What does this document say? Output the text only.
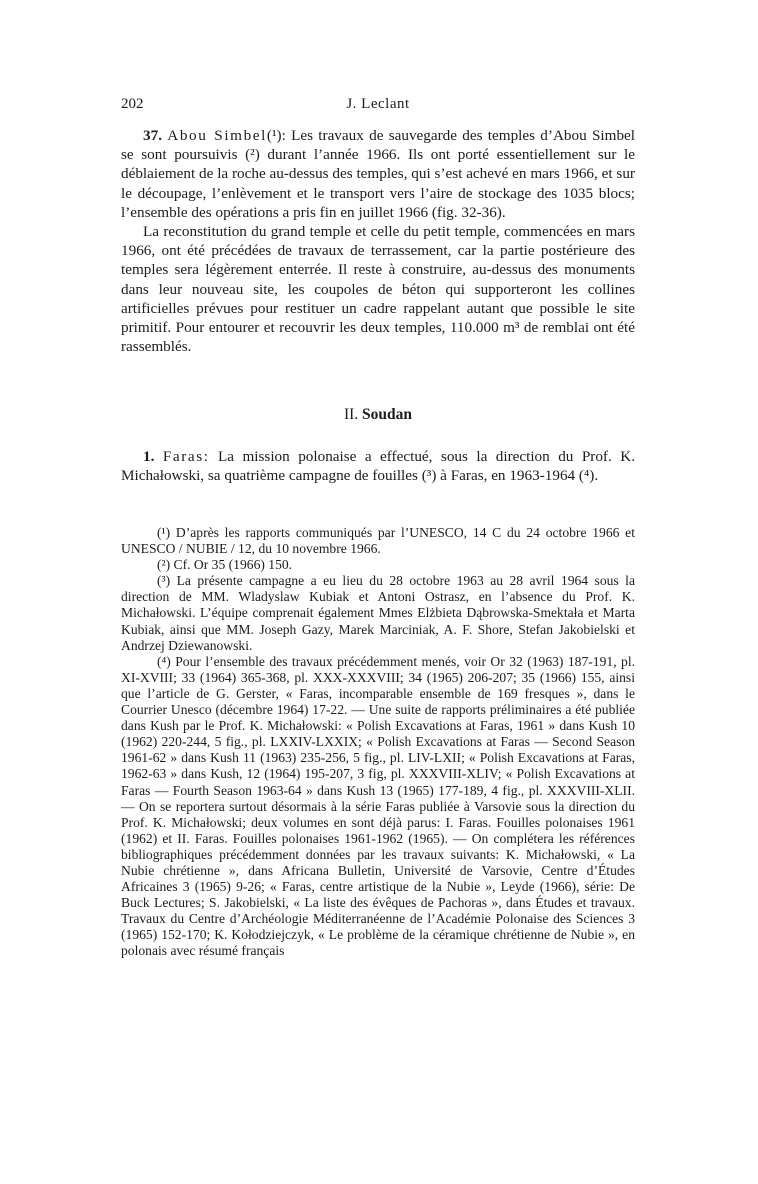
202	J. Leclant

37. Abou Simbel(¹): Les travaux de sauvegarde des temples d’Abou Simbel se sont poursuivis (²) durant l’année 1966. Ils ont porté essentiellement sur le déblaiement de la roche au-dessus des temples, qui s’est achevé en mars 1966, et sur le découpage, l’enlèvement et le transport vers l’aire de stockage des 1035 blocs; l’ensemble des opérations a pris fin en juillet 1966 (fig. 32-36).

La reconstitution du grand temple et celle du petit temple, commencées en mars 1966, ont été précédées de travaux de terrassement, car la partie postérieure des temples sera légèrement enterrée. Il reste à construire, au-dessus des monuments dans leur nouveau site, les coupoles de béton qui supporteront les collines artificielles prévues pour restituer un cadre rappelant autant que possible le site primitif. Pour entourer et recouvrir les deux temples, 110.000 m³ de remblai ont été rassemblés.

II. Soudan

1. Faras: La mission polonaise a effectué, sous la direction du Prof. K. Michałowski, sa quatrième campagne de fouilles (³) à Faras, en 1963-1964 (⁴).

(¹) D’après les rapports communiqués par l’UNESCO, 14 C du 24 octobre 1966 et UNESCO / NUBIE / 12, du 10 novembre 1966.

(²) Cf. Or 35 (1966) 150.

(³) La présente campagne a eu lieu du 28 octobre 1963 au 28 avril 1964 sous la direction de MM. Wladyslaw Kubiak et Antoni Ostrasz, en l’absence du Prof. K. Michałowski. L’équipe comprenait également Mmes Elżbieta Dąbrowska-Smektała et Marta Kubiak, ainsi que MM. Joseph Gazy, Marek Marciniak, A. F. Shore, Stefan Jakobielski et Andrzej Dziewanowski.

(⁴) Pour l’ensemble des travaux précédemment menés, voir Or 32 (1963) 187-191, pl. XI-XVIII; 33 (1964) 365-368, pl. XXX-XXXVIII; 34 (1965) 206-207; 35 (1966) 155, ainsi que l’article de G. Gerster, « Faras, incomparable ensemble de 169 fresques », dans le Courrier Unesco (décembre 1964) 17-22. — Une suite de rapports préliminaires a été publiée dans Kush par le Prof. K. Michałowski: « Polish Excavations at Faras, 1961 » dans Kush 10 (1962) 220-244, 5 fig., pl. LXXIV-LXXIX; « Polish Excavations at Faras — Second Season 1961-62 » dans Kush 11 (1963) 235-256, 5 fig., pl. LIV-LXII; « Polish Excavations at Faras, 1962-63 » dans Kush, 12 (1964) 195-207, 3 fig, pl. XXXVIII-XLIV; « Polish Excavations at Faras — Fourth Season 1963-64 » dans Kush 13 (1965) 177-189, 4 fig., pl. XXXVIII-XLII. — On se reportera surtout désormais à la série Faras publiée à Varsovie sous la direction du Prof. K. Michałowski; deux volumes en sont déjà parus: I. Faras. Fouilles polonaises 1961 (1962) et II. Faras. Fouilles polonaises 1961-1962 (1965). — On complétera les références bibliographiques précédemment données par les travaux suivants: K. Michałowski, « La Nubie chrétienne », dans Africana Bulletin, Université de Varsovie, Centre d’Études Africaines 3 (1965) 9-26; « Faras, centre artistique de la Nubie », Leyde (1966), série: De Buck Lectures; S. Jakobielski, « La liste des évêques de Pachoras », dans Études et travaux. Travaux du Centre d’Archéologie Méditerranéenne de l’Académie Polonaise des Sciences 3 (1965) 152-170; K. Kołodziejczyk, « Le problème de la céramique chrétienne de Nubie », en polonais avec résumé français
